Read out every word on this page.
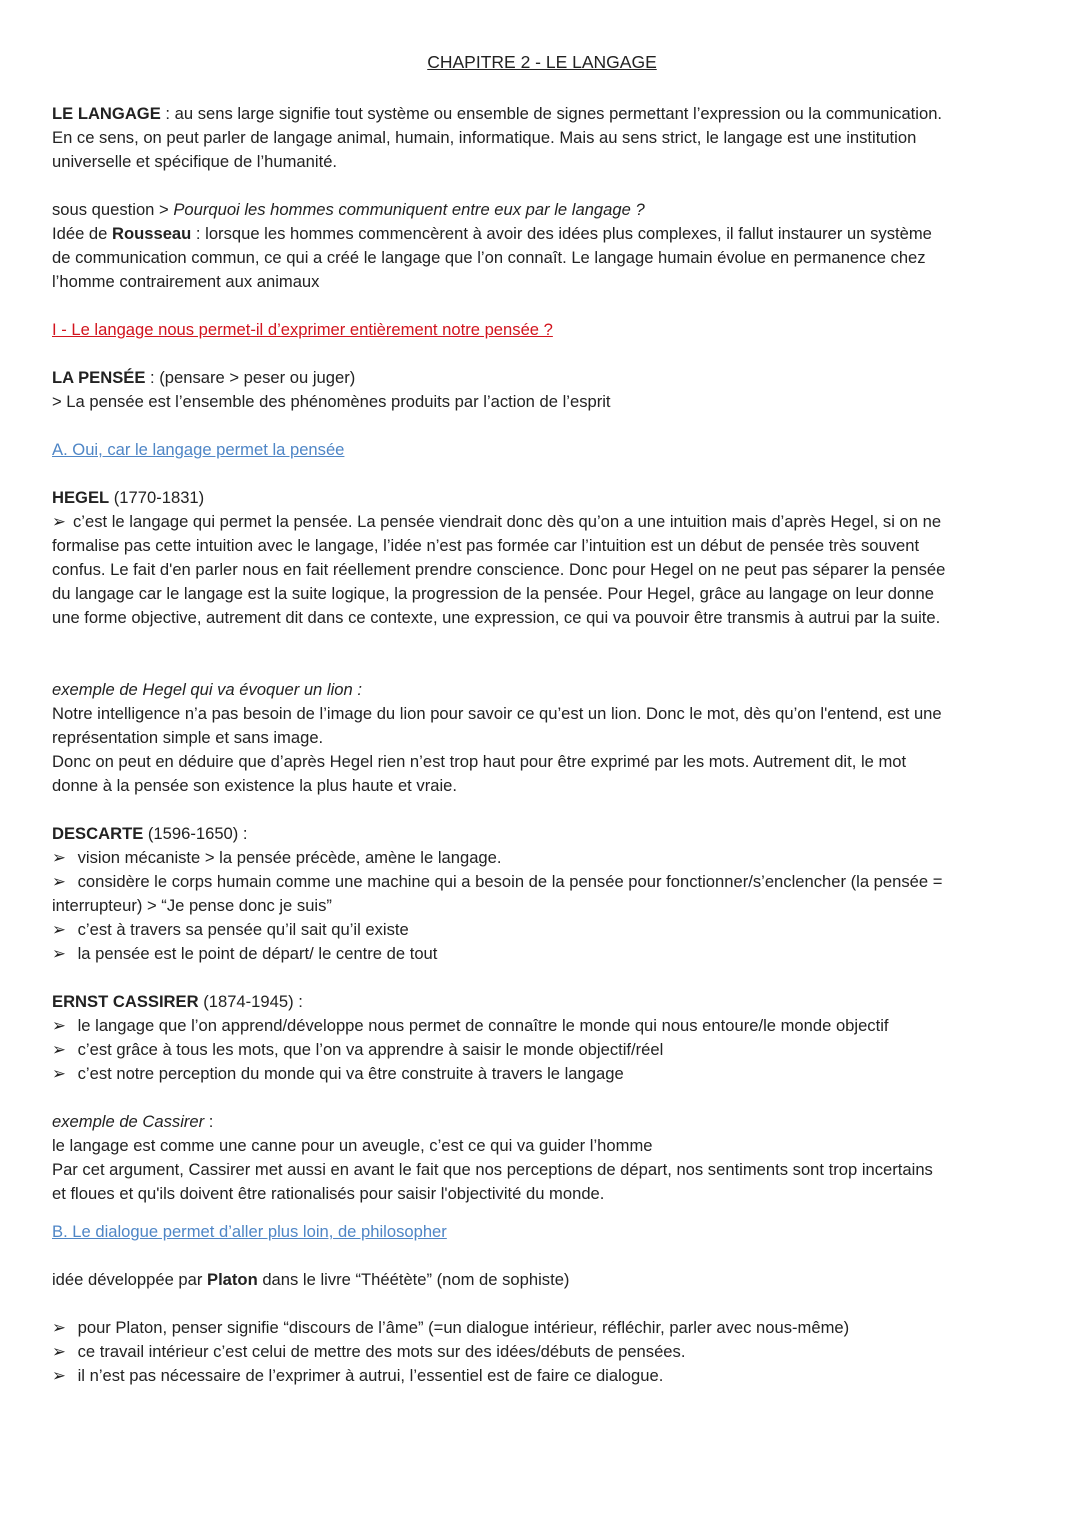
CHAPITRE 2 - LE LANGAGE

LE LANGAGE : au sens large signifie tout système ou ensemble de signes permettant l’expression ou la communication.

En ce sens, on peut parler de langage animal, humain, informatique. Mais au sens strict, le langage est une institution

universelle et spécifique de l’humanité.

sous question > Pourquoi les hommes communiquent entre eux par le langage ?

Idée de Rousseau : lorsque les hommes commencèrent à avoir des idées plus complexes, il fallut instaurer un système

de communication commun, ce qui a créé le langage que l’on connaît. Le langage humain évolue en permanence chez

l’homme contrairement aux animaux

I - Le langage nous permet-il d’exprimer entièrement notre pensée ?

LA PENSÉE : (pensare > peser ou juger)

> La pensée est l’ensemble des phénomènes produits par l’action de l’esprit

A. Oui, car le langage permet la pensée

HEGEL (1770-1831)

➢ c’est le langage qui permet la pensée. La pensée viendrait donc dès qu’on a une intuition mais d’après Hegel, si on ne

formalise pas cette intuition avec le langage, l’idée n’est pas formée car l’intuition est un début de pensée très souvent

confus. Le fait d'en parler nous en fait réellement prendre conscience. Donc pour Hegel on ne peut pas séparer la pensée

du langage car le langage est la suite logique, la progression de la pensée. Pour Hegel, grâce au langage on leur donne

une forme objective, autrement dit dans ce contexte, une expression, ce qui va pouvoir être transmis à autrui par la suite.

exemple de Hegel qui va évoquer un lion :

Notre intelligence n’a pas besoin de l’image du lion pour savoir ce qu’est un lion. Donc le mot, dès qu’on l'entend, est une

représentation simple et sans image.

Donc on peut en déduire que d’après Hegel rien n’est trop haut pour être exprimé par les mots. Autrement dit, le mot

donne à la pensée son existence la plus haute et vraie.

DESCARTE (1596-1650) :

➢ vision mécaniste > la pensée précède, amène le langage.

➢ considère le corps humain comme une machine qui a besoin de la pensée pour fonctionner/s’enclencher (la pensée =

interrupteur) > “Je pense donc je suis”

➢ c’est à travers sa pensée qu’il sait qu’il existe

➢ la pensée est le point de départ/ le centre de tout

ERNST CASSIRER (1874-1945) :

➢ le langage que l’on apprend/développe nous permet de connaître le monde qui nous entoure/le monde objectif

➢ c’est grâce à tous les mots, que l’on va apprendre à saisir le monde objectif/réel

➢ c’est notre perception du monde qui va être construite à travers le langage

exemple de Cassirer :

le langage est comme une canne pour un aveugle, c’est ce qui va guider l’homme

Par cet argument, Cassirer met aussi en avant le fait que nos perceptions de départ, nos sentiments sont trop incertains

et floues et qu'ils doivent être rationalisés pour saisir l'objectivité du monde.

B. Le dialogue permet d’aller plus loin, de philosopher

idée développée par Platon dans le livre “Théétète” (nom de sophiste)

➢ pour Platon, penser signifie “discours de l’âme” (=un dialogue intérieur, réfléchir, parler avec nous-même)

➢ ce travail intérieur c’est celui de mettre des mots sur des idées/débuts de pensées.

➢ il n’est pas nécessaire de l’exprimer à autrui, l’essentiel est de faire ce dialogue.
